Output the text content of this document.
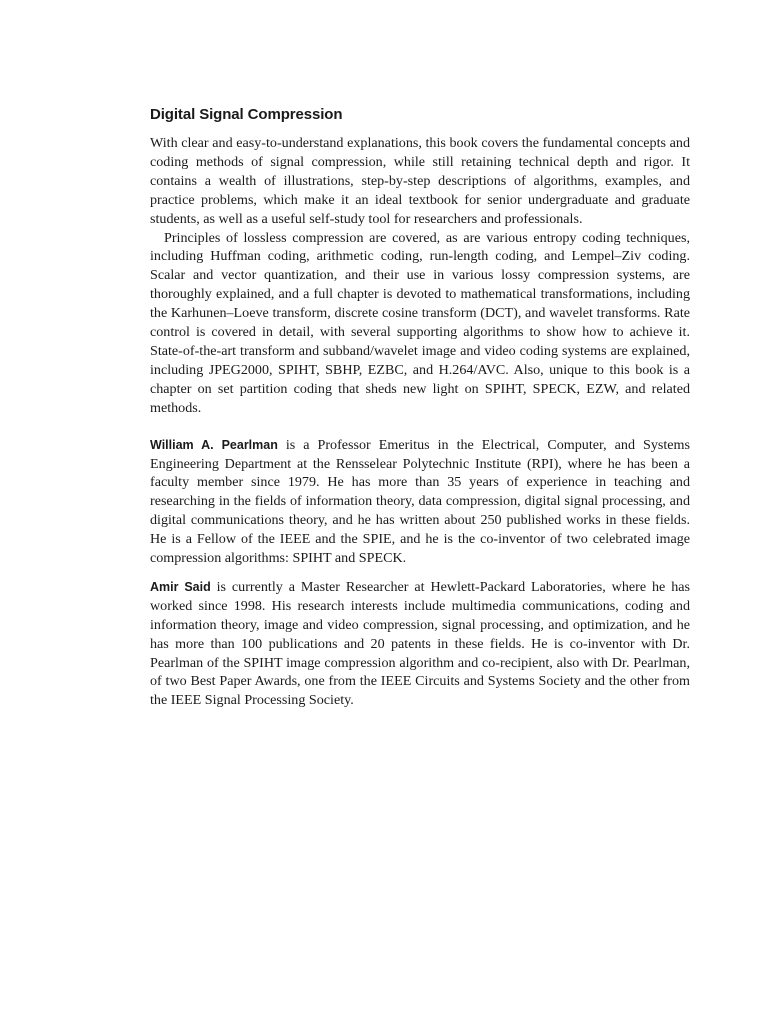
Digital Signal Compression

With clear and easy-to-understand explanations, this book covers the fundamental concepts and coding methods of signal compression, while still retaining technical depth and rigor. It contains a wealth of illustrations, step-by-step descriptions of algorithms, examples, and practice problems, which make it an ideal textbook for senior undergraduate and graduate students, as well as a useful self-study tool for researchers and professionals.

Principles of lossless compression are covered, as are various entropy coding techniques, including Huffman coding, arithmetic coding, run-length coding, and Lempel–Ziv coding. Scalar and vector quantization, and their use in various lossy compression systems, are thoroughly explained, and a full chapter is devoted to mathematical transformations, including the Karhunen–Loeve transform, discrete cosine transform (DCT), and wavelet transforms. Rate control is covered in detail, with several supporting algorithms to show how to achieve it. State-of-the-art transform and subband/wavelet image and video coding systems are explained, including JPEG2000, SPIHT, SBHP, EZBC, and H.264/AVC. Also, unique to this book is a chapter on set partition coding that sheds new light on SPIHT, SPECK, EZW, and related methods.

William A. Pearlman is a Professor Emeritus in the Electrical, Computer, and Systems Engineering Department at the Rensselear Polytechnic Institute (RPI), where he has been a faculty member since 1979. He has more than 35 years of experience in teaching and researching in the fields of information theory, data compression, digital signal processing, and digital communications theory, and he has written about 250 published works in these fields. He is a Fellow of the IEEE and the SPIE, and he is the co-inventor of two celebrated image compression algorithms: SPIHT and SPECK.

Amir Said is currently a Master Researcher at Hewlett-Packard Laboratories, where he has worked since 1998. His research interests include multimedia communications, coding and information theory, image and video compression, signal processing, and optimization, and he has more than 100 publications and 20 patents in these fields. He is co-inventor with Dr. Pearlman of the SPIHT image compression algorithm and co-recipient, also with Dr. Pearlman, of two Best Paper Awards, one from the IEEE Circuits and Systems Society and the other from the IEEE Signal Processing Society.
